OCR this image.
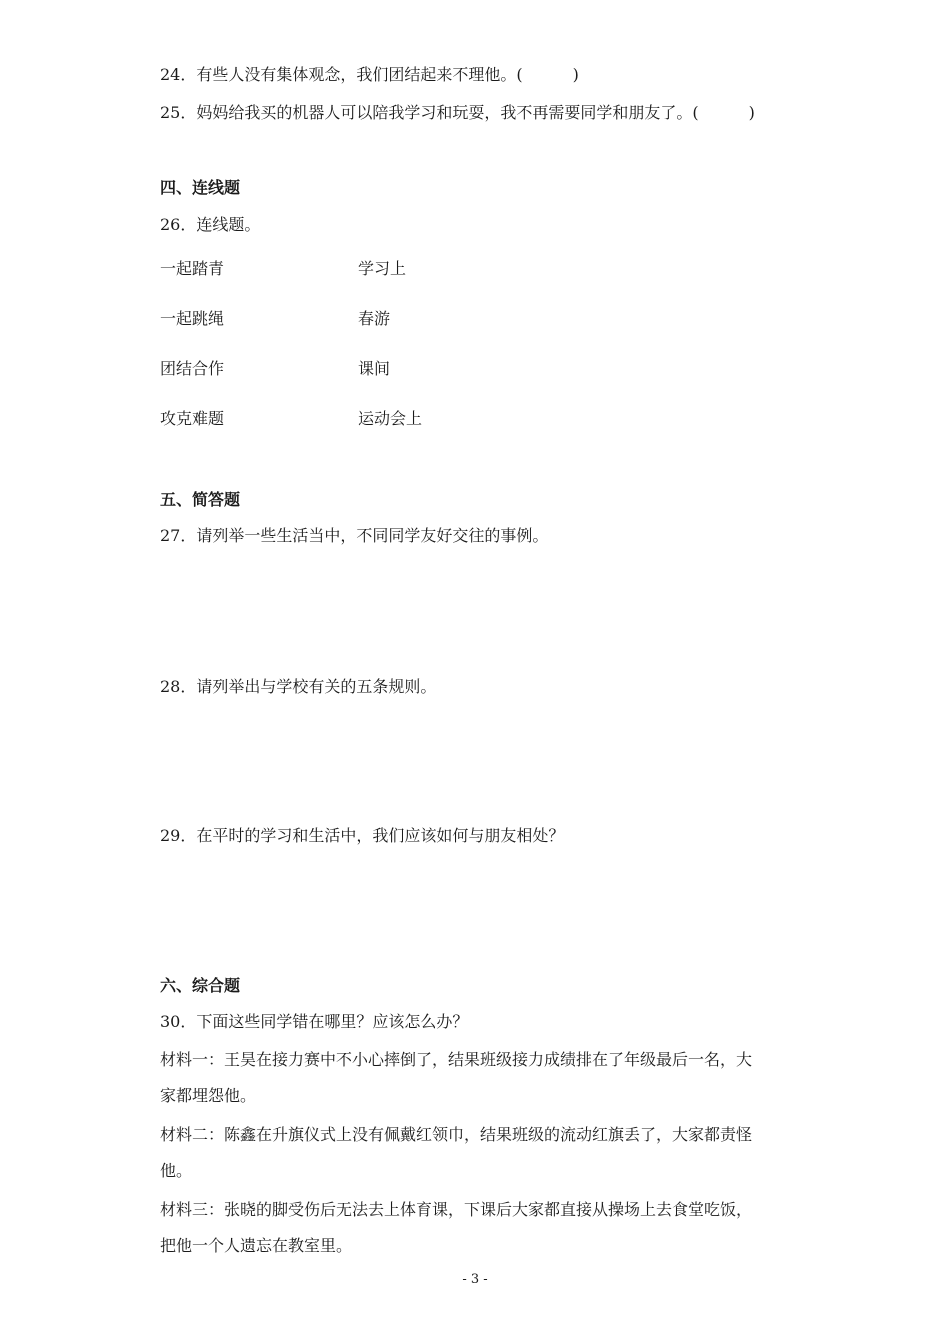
24．有些人没有集体观念，我们团结起来不理他。(	)
25．妈妈给我买的机器人可以陪我学习和玩耍，我不再需要同学和朋友了。(	)
四、连线题
26．连线题。
一起踏青	学习上
一起跳绳	春游
团结合作	课间
攻克难题	运动会上
五、简答题
27．请列举一些生活当中，不同同学友好交往的事例。
28．请列举出与学校有关的五条规则。
29．在平时的学习和生活中，我们应该如何与朋友相处？
六、综合题
30．下面这些同学错在哪里？应该怎么办？
材料一：王昊在接力赛中不小心摔倒了，结果班级接力成绩排在了年级最后一名，大
家都埋怨他。
材料二：陈鑫在升旗仪式上没有佩戴红领巾，结果班级的流动红旗丢了，大家都责怪
他。
材料三：张晓的脚受伤后无法去上体育课，下课后大家都直接从操场上去食堂吃饭，
把他一个人遗忘在教室里。
- 3 -
